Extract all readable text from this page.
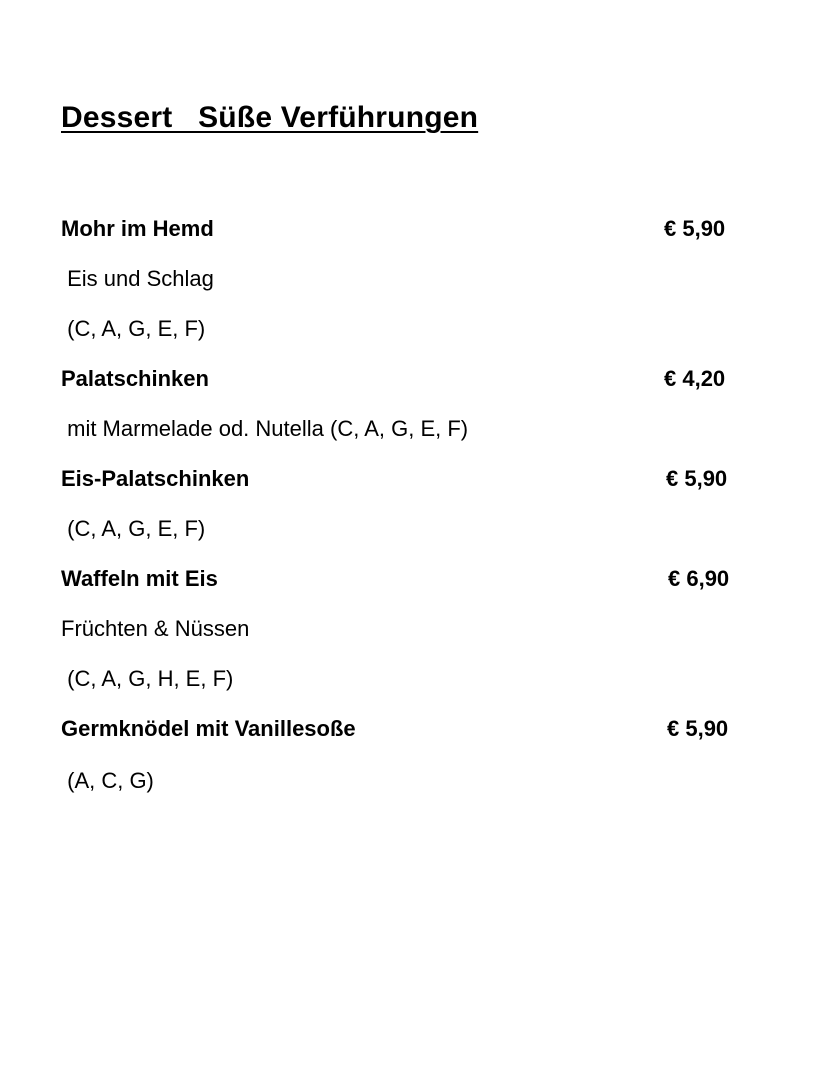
Dessert   Süße Verführungen
Mohr im Hemd	€ 5,90
Eis und Schlag
(C, A, G, E, F)
Palatschinken	€ 4,20
mit Marmelade od. Nutella (C, A, G, E, F)
Eis-Palatschinken	€ 5,90
(C, A, G, E, F)
Waffeln mit Eis	€ 6,90
Früchten & Nüssen
(C, A, G, H, E, F)
Germknödel mit Vanillesoße	€ 5,90
(A, C, G)
